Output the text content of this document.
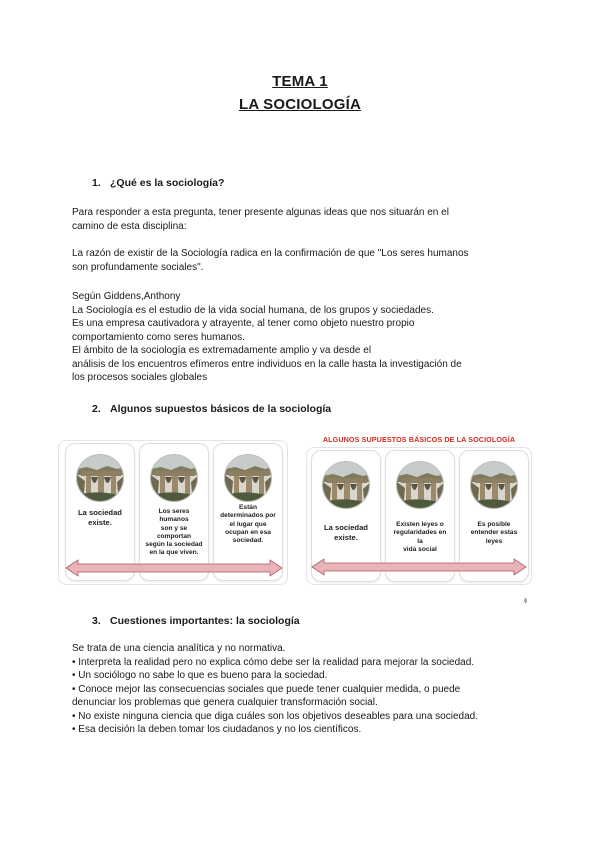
TEMA 1
LA SOCIOLOGÍA
1. ¿Qué es la sociología?
Para responder a esta pregunta, tener presente algunas ideas que nos situarán en el
camino de esta disciplina:
La razón de existir de la Sociología radica en la confirmación de que "Los seres humanos
son profundamente sociales".
Según Giddens,Anthony
La Sociología es el estudio de la vida social humana, de los grupos y sociedades.
Es una empresa cautivadora y atrayente, al tener como objeto nuestro propio
comportamiento como seres humanos.
El ámbito de la sociología es extremadamente amplio y va desde el
análisis de los encuentros efímeros entre individuos en la calle hasta la investigación de
los procesos sociales globales
2. Algunos supuestos básicos de la sociología
La sociedad
existe.
Los seres humanos
son y se comportan
según la sociedad
en la que viven.
Están
determinados por
el lugar que
ocupan en esa
sociedad.
ALGUNOS SUPUESTOS BÁSICOS DE LA SOCIOLOGÍA
La sociedad
existe.
Existen leyes o
regularidades en la
vida social
Es posible
entender estas
leyes
ɸ
3. Cuestiones importantes: la sociología
Se trata de una ciencia analítica y no normativa.
• Interpreta la realidad pero no explica cómo debe ser la realidad para mejorar la sociedad.
• Un sociólogo no sabe lo que es bueno para la sociedad.
• Conoce mejor las consecuencias sociales que puede tener cualquier medida, o puede
denunciar los problemas que genera cualquier transformación social.
• No existe ninguna ciencia que diga cuáles son los objetivos deseables para una sociedad.
• Esa decisión la deben tomar los ciudadanos y no los científicos.
